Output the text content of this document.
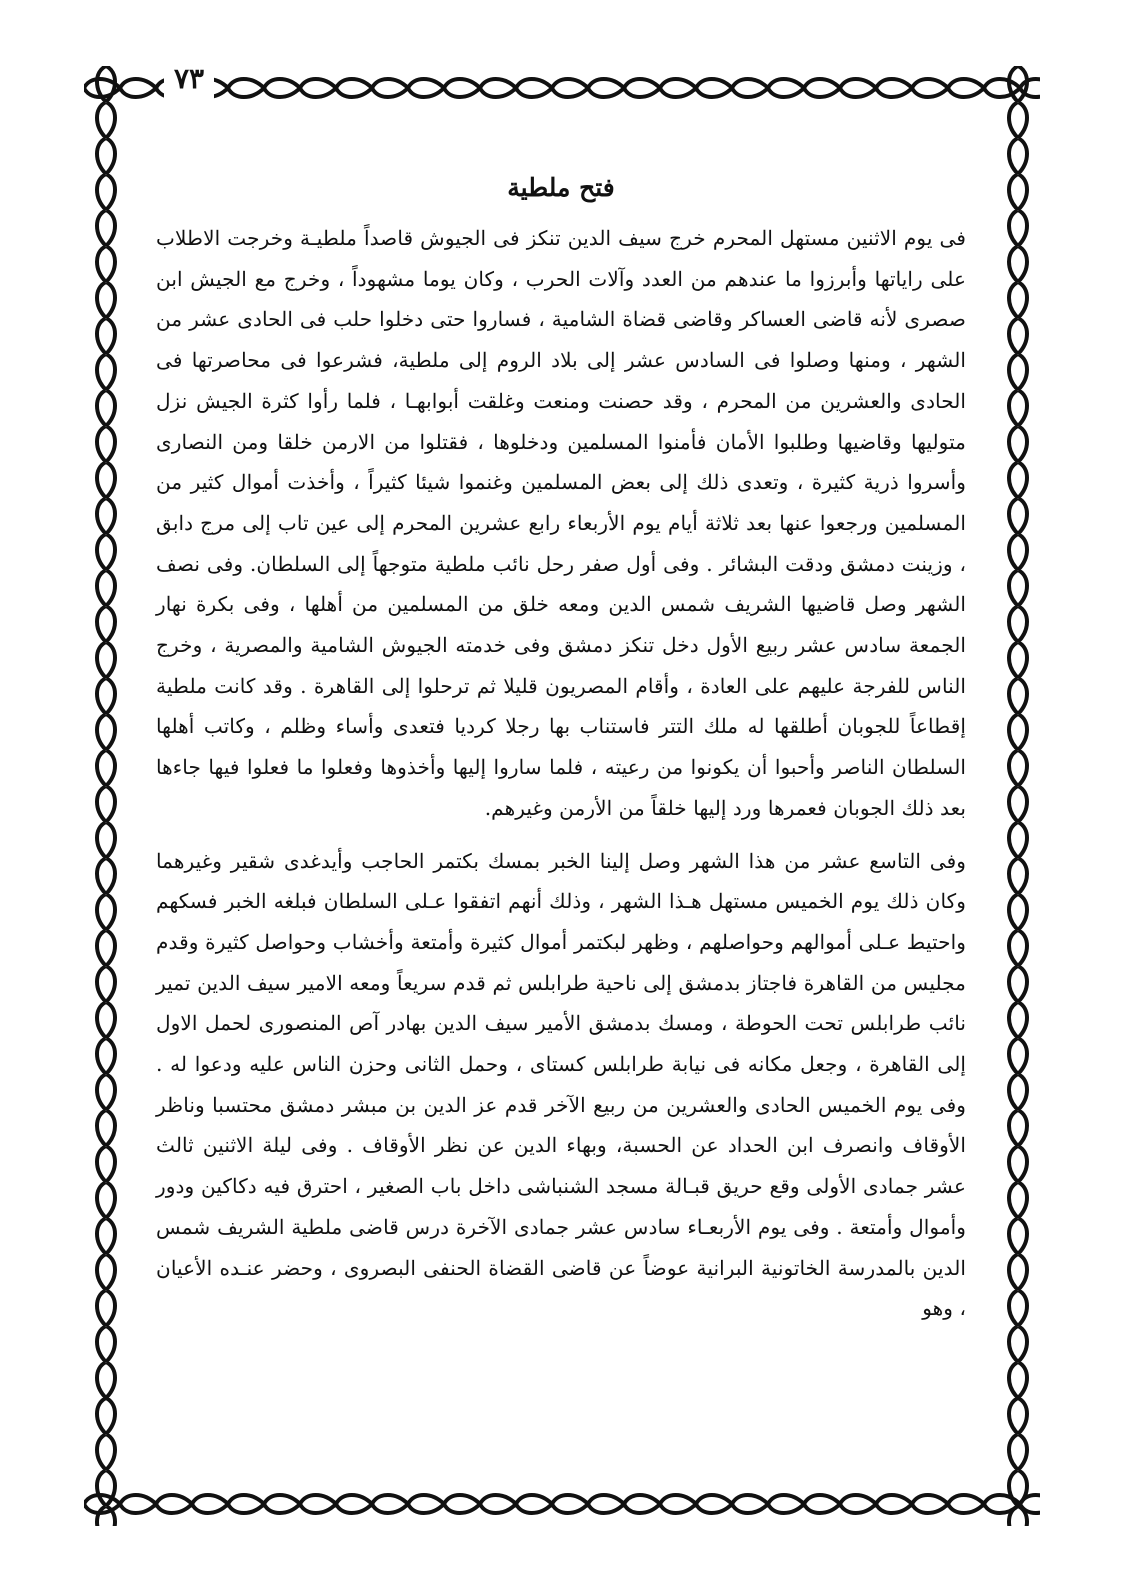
٧٣
فتح ملطية

فى يوم الاثنين مستهل المحرم خرج سيف الدين تنكز فى الجيوش قاصداً ملطيـة وخرجت الاطلاب على راياتها وأبرزوا ما عندهم من العدد وآلات الحرب ، وكان يوما مشهوداً ، وخرج مع الجيش ابن صصرى لأنه قاضى العساكر وقاضى قضاة الشامية ، فساروا حتى دخلوا حلب فى الحادى عشر من الشهر ، ومنها وصلوا فى السادس عشر إلى بلاد الروم إلى ملطية، فشرعوا فى محاصرتها فى الحادى والعشرين من المحرم ، وقد حصنت ومنعت وغلقت أبوابهـا ، فلما رأوا كثرة الجيش نزل متوليها وقاضيها وطلبوا الأمان فأمنوا المسلمين ودخلوها ، فقتلوا من الارمن خلقا ومن النصارى وأسروا ذرية كثيرة ، وتعدى ذلك إلى بعض المسلمين وغنموا شيئا كثيراً ، وأخذت أموال كثير من المسلمين ورجعوا عنها بعد ثلاثة أيام يوم الأربعاء رابع عشرين المحرم إلى عين تاب إلى مرج دابق ، وزينت دمشق ودقت البشائر . وفى أول صفر رحل نائب ملطية متوجهاً إلى السلطان. وفى نصف الشهر وصل قاضيها الشريف شمس الدين ومعه خلق من المسلمين من أهلها ، وفى بكرة نهار الجمعة سادس عشر ربيع الأول دخل تنكز دمشق وفى خدمته الجيوش الشامية والمصرية ، وخرج الناس للفرجة عليهم على العادة ، وأقام المصريون قليلا ثم ترحلوا إلى القاهرة . وقد كانت ملطية إقطاعاً للجوبان أطلقها له ملك التتر فاستناب بها رجلا كرديا فتعدى وأساء وظلم ، وكاتب أهلها السلطان الناصر وأحبوا أن يكونوا من رعيته ، فلما ساروا إليها وأخذوها وفعلوا ما فعلوا فيها جاءها بعد ذلك الجوبان فعمرها ورد إليها خلقاً من الأرمن وغيرهم.

وفى التاسع عشر من هذا الشهر وصل إلينا الخبر بمسك بكتمر الحاجب وأيدغدى شقير وغيرهما وكان ذلك يوم الخميس مستهل هـذا الشهر ، وذلك أنهم اتفقوا عـلى السلطان فبلغه الخبر فسكهم واحتيط عـلى أموالهم وحواصلهم ، وظهر لبكتمر أموال كثيرة وأمتعة وأخشاب وحواصل كثيرة وقدم مجليس من القاهرة فاجتاز بدمشق إلى ناحية طرابلس ثم قدم سريعاً ومعه الامير سيف الدين تمير نائب طرابلس تحت الحوطة ، ومسك بدمشق الأمير سيف الدين بهادر آص المنصورى لحمل الاول إلى القاهرة ، وجعل مكانه فى نيابة طرابلس كستاى ، وحمل الثانى وحزن الناس عليه ودعوا له . وفى يوم الخميس الحادى والعشرين من ربيع الآخر قدم عز الدين بن مبشر دمشق محتسبا وناظر الأوقاف وانصرف ابن الحداد عن الحسبة، وبهاء الدين عن نظر الأوقاف . وفى ليلة الاثنين ثالث عشر جمادى الأولى وقع حريق قبـالة مسجد الشنباشى داخل باب الصغير ، احترق فيه دكاكين ودور وأموال وأمتعة . وفى يوم الأربعـاء سادس عشر جمادى الآخرة درس قاضى ملطية الشريف شمس الدين بالمدرسة الخاتونية البرانية عوضاً عن قاضى القضاة الحنفى البصروى ، وحضر عنـده الأعيان ، وهو
